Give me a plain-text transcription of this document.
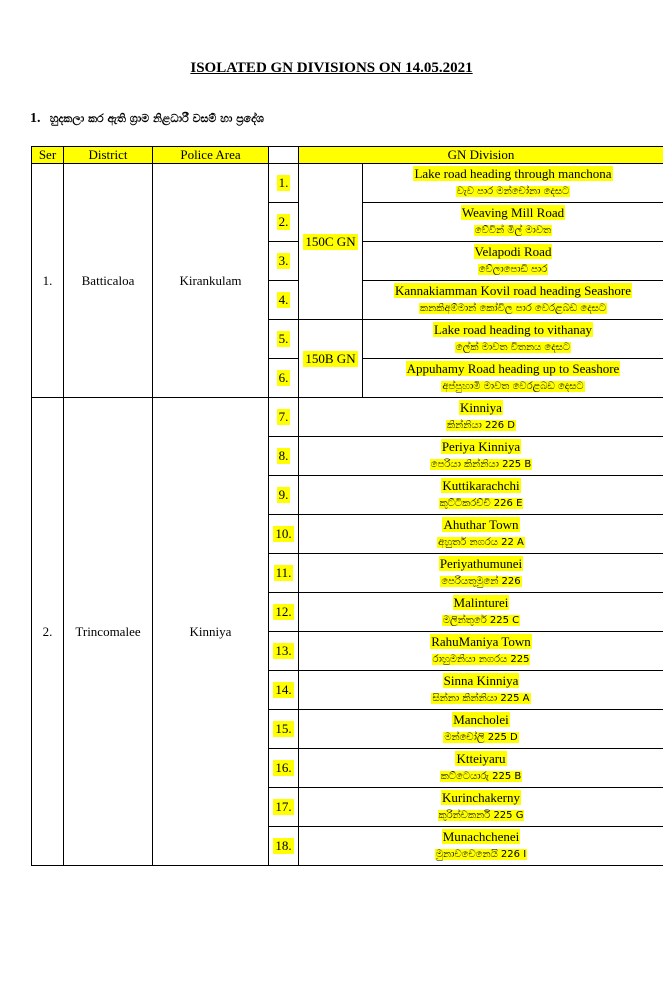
ISOLATED GN DIVISIONS ON 14.05.2021
1. හුදකලා කර ඇති ග්‍රාම නිළධාරී වසම් හා ප්‍රදේශ
Ser	District	Police Area		GN Division	
1.	Batticaloa	Kirankulam	1.	150C GN	Lake road heading through manchona
වැව පාර මන්චෝනා දෙසට

			2.		Weaving Mill Road
වේවින් මිල් මාවත

			3.		Velapodi Road
වේලාපොඩි පාර

			4.		Kannakiamman Kovil road heading Seashore
කනකිඅම්මාන් කෝවිල පාර වෙරළබඩ දෙසට

			5.	150B GN	Lake road heading to vithanay
ලේක් මාවත විතනය දෙසට

			6.		Appuhamy Road heading up to Seashore
අප්පුහාමි මාවත වෙරළබඩ දෙසට

2.	Trincomalee	Kinniya	7.	Kinniya
කින්නියා 226 D	

			8.	Periya Kinniya
පෙරියා කින්නියා 225 B	

			9.	Kuttikarachchi
කුට්ටිකරච්චි 226 E	

			10.	Ahuthar Town
අහුතර් නගරය 22 A	

			11.	Periyathumunei
පෙරියතුමුනේ 226	

			12.	Malinturei
මලින්තුරේ 225 C	

			13.	RahuManiya Town
රාහුමනියා නගරය 225	

			14.	Sinna Kinniya
සින්නා කින්නියා 225 A	

			15.	Mancholei
මන්චෝලි 225 D	

			16.	Ktteiyaru
කට්ටෙයාරු 225 B	

			17.	Kurinchakerny
කුරින්චකර්නි 225 G	

			18.	Munachchenei
මුනාචචෙනෙයි 226 I	
